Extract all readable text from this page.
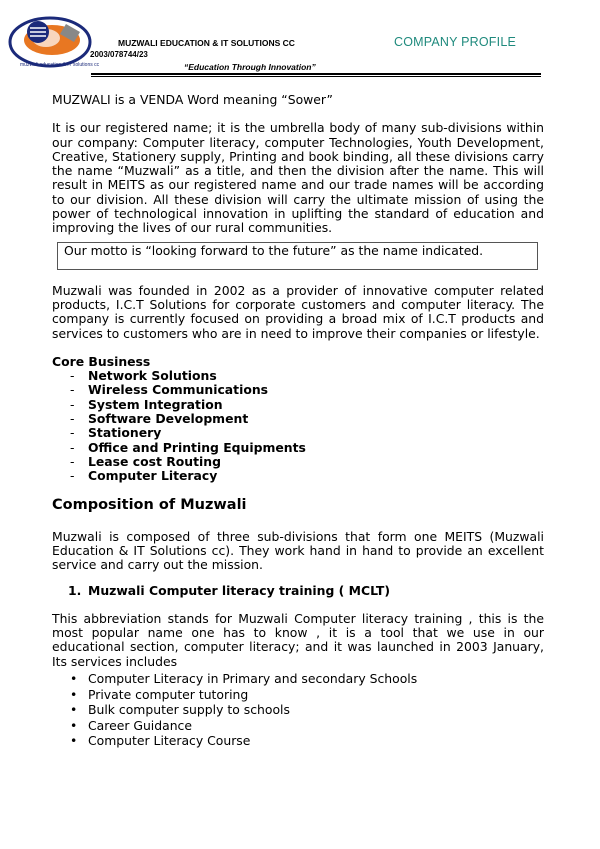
muzwali education & IT solutions cc
MUZWALI EDUCATION & IT SOLUTIONS CC
2003/078744/23
“Education Through Innovation”
COMPANY PROFILE

MUZWALI is a VENDA Word meaning “Sower”

It is our registered name; it is the umbrella body of many sub-divisions within our company: Computer literacy, computer Technologies, Youth Development, Creative, Stationery supply, Printing and book binding, all these divisions carry the name “Muzwali” as a title, and then the division after the name. This will result in MEITS as our registered name and our trade names will be according to our division. All these division will carry the ultimate mission of using the power of technological innovation in uplifting the standard of education and improving the lives of our rural communities.

Our motto is “looking forward to the future” as the name indicated.

Muzwali was founded in 2002 as a provider of innovative computer related products, I.C.T Solutions for corporate customers and computer literacy. The company is currently focused on providing a broad mix of I.C.T products and services to customers who are in need to improve their companies or lifestyle.

Core Business

- Network Solutions
- Wireless Communications
- System Integration
- Software Development
- Stationery
- Office and Printing Equipments
- Lease cost Routing
- Computer Literacy
Composition of Muzwali

Muzwali is composed of three sub-divisions that form one MEITS (Muzwali Education & IT Solutions cc). They work hand in hand to provide an excellent service and carry out the mission.

1. Muzwali Computer literacy training ( MCLT)

This abbreviation stands for Muzwali Computer literacy training , this is the most popular name one has to know , it is a tool that we use in our educational section, computer literacy; and it was launched in 2003 January, Its services includes

• Computer Literacy in Primary and secondary Schools
• Private computer tutoring
• Bulk computer supply to schools
• Career Guidance
• Computer Literacy Course
